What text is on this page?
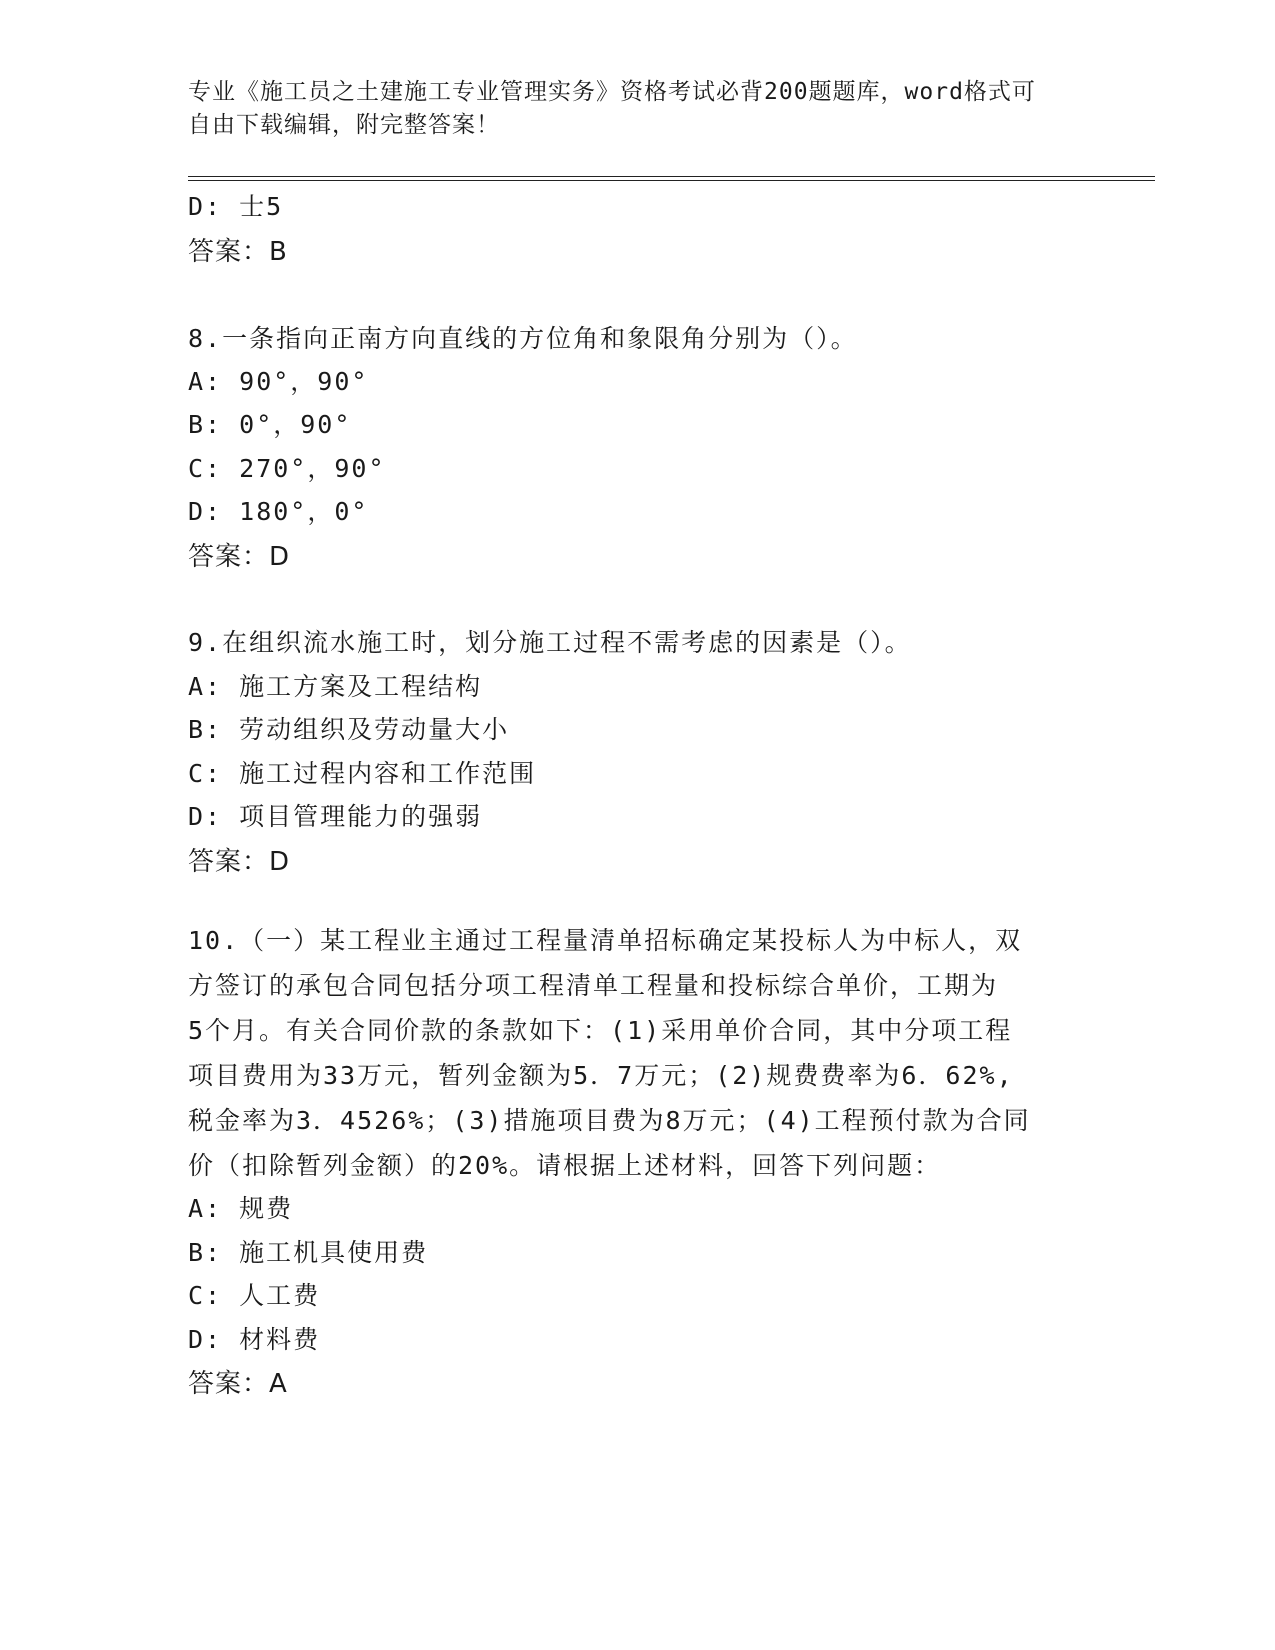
专业《施工员之土建施工专业管理实务》资格考试必背200题题库，word格式可
自由下载编辑，附完整答案！
D: 士5
答案：B
8.一条指向正南方向直线的方位角和象限角分别为（）。
A: 90°，90°
B: 0°，90°
C: 270°，90°
D: 180°，0°
答案：D
9.在组织流水施工时，划分施工过程不需考虑的因素是（）。
A: 施工方案及工程结构
B: 劳动组织及劳动量大小
C: 施工过程内容和工作范围
D: 项目管理能力的强弱
答案：D
10.（一）某工程业主通过工程量清单招标确定某投标人为中标人，双
方签订的承包合同包括分项工程清单工程量和投标综合单价，工期为
5个月。有关合同价款的条款如下：(1)采用单价合同，其中分项工程
项目费用为33万元，暂列金额为5．7万元；(2)规费费率为6．62%,
税金率为3．4526%；(3)措施项目费为8万元；(4)工程预付款为合同
价（扣除暂列金额）的20%。请根据上述材料，回答下列问题：
A: 规费
B: 施工机具使用费
C: 人工费
D: 材料费
答案：A
